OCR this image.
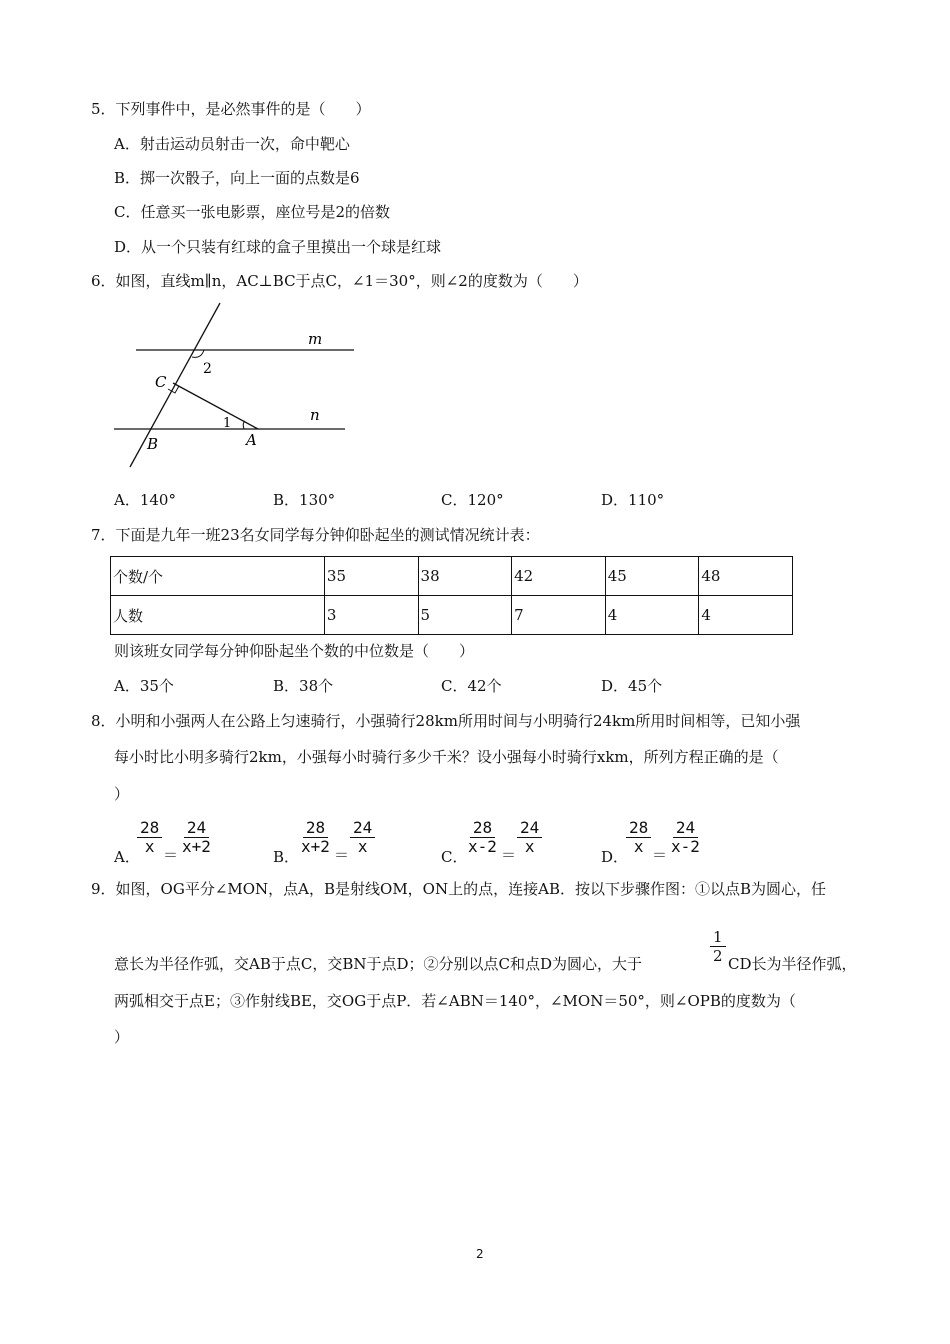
5．下列事件中，是必然事件的是（　　）
A．射击运动员射击一次，命中靶心
B．掷一次骰子，向上一面的点数是6
C．任意买一张电影票，座位号是2的倍数
D．从一个只装有红球的盒子里摸出一个球是红球
6．如图，直线m∥n，AC⊥BC于点C，∠1＝30°，则∠2的度数为（　　）
m
n
2
1
C
B	A
A．140°	B．130°	C．120°	D．110°
7．下面是九年一班23名女同学每分钟仰卧起坐的测试情况统计表：
个数/个	35	38	42	45	48
人数	3	5	7	4	4
则该班女同学每分钟仰卧起坐个数的中位数是（　　）
A．35个	B．38个	C．42个	D．45个
8．小明和小强两人在公路上匀速骑行，小强骑行28km所用时间与小明骑行24km所用时间相等，已知小强
每小时比小明多骑行2km，小强每小时骑行多少千米？设小强每小时骑行xkm，所列方程正确的是（
）
A．
$\frac{28}{x} = \frac{24}{x+2}$
B．
$\frac{28}{x+2} = \frac{24}{x}$
C．
$\frac{28}{x-2} = \frac{24}{x}$
D．
$\frac{28}{x} = \frac{24}{x-2}$
9．如图，OG平分∠MON，点A，B是射线OM，ON上的点，连接AB．按以下步骤作图：①以点B为圆心，任
意长为半径作弧，交AB于点C，交BN于点D；②分别以点C和点D为圆心，大于	$\frac{1}{2}$ CD长为半径作弧，
两弧相交于点E；③作射线BE，交OG于点P．若∠ABN＝140°，∠MON＝50°，则∠OPB的度数为（
）
2
